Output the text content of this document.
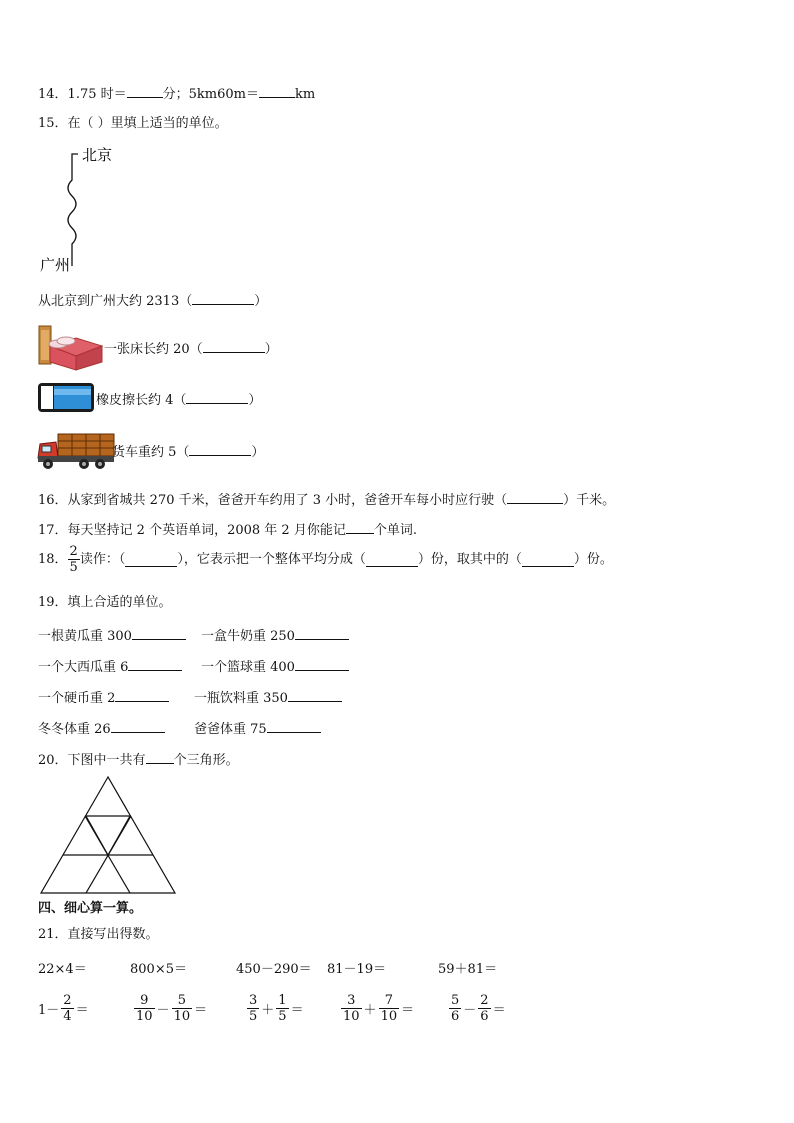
14．1.75 时＝	分；5km60m＝	km
15．在（ ）里填上适当的单位。
北京
广州
从北京到广州大约 2313（	）
一张床长约 20（	）
橡皮擦长约 4（	）
货车重约 5（	）
16．从家到省城共 270 千米，爸爸开车约用了 3 小时，爸爸开车每小时应行驶（	）千米。
17．每天坚持记 2 个英语单词，2008 年 2 月你能记 个单词.
18． $\frac{2}{5}$ 读作：（	），它表示把一个整体平均分成（	）份，取其中的（	）份。
19．填上合适的单位。
一根黄瓜重 300	一盒牛奶重 250
一个大西瓜重 6	一个篮球重 400
一个硬币重 2	一瓶饮料重 350
冬冬体重 26	爸爸体重 75
20．下图中一共有 个三角形。
四、细心算一算。
21．直接写出得数。
22×4＝	800×5＝	450－290＝ 81－19＝	59＋81＝
$1- \frac{2}{4}$ ＝	$\frac{9}{10} - \frac{5}{10}$ ＝	$\frac{3}{5} + \frac{1}{5}$ ＝	$\frac{3}{10} + \frac{7}{10}$ ＝	$\frac{5}{6} - \frac{2}{6}$ ＝
